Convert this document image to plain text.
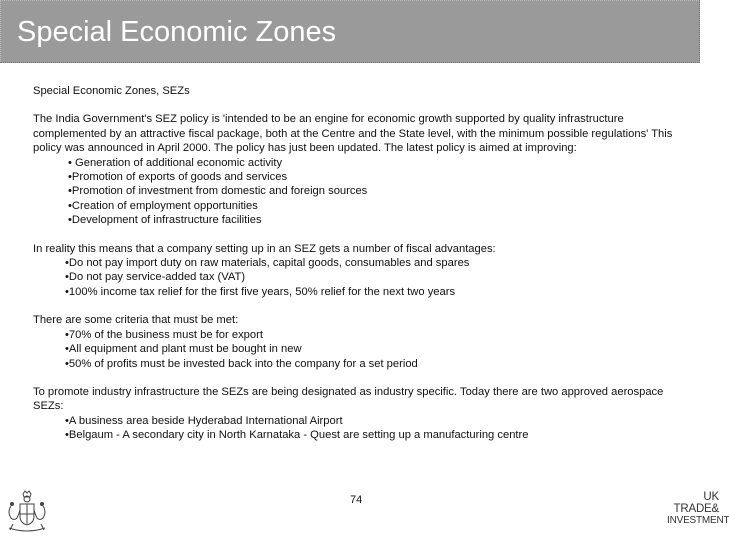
Special Economic Zones

Special Economic Zones, SEZs

The India Government's SEZ policy is 'intended to be an engine for economic growth supported by quality infrastructure complemented by an attractive fiscal package, both at the Centre and the State level, with the minimum possible regulations' This policy was announced in April 2000. The policy has just been updated. The latest policy is aimed at improving:

• Generation of additional economic activity
•Promotion of exports of goods and services
•Promotion of investment from domestic and foreign sources
•Creation of employment opportunities
•Development of infrastructure facilities

In reality this means that a company setting up in an SEZ gets a number of fiscal advantages:

•Do not pay import duty on raw materials, capital goods, consumables and spares
•Do not pay service-added tax (VAT)
•100% income tax relief for the first five years, 50% relief for the next two years

There are some criteria that must be met:

•70% of the business must be for export
•All equipment and plant must be bought in new
•50% of profits must be invested back into the company for a set period

To promote industry infrastructure the SEZs are being designated as industry specific. Today there are two approved aerospace SEZs:

•A business area beside Hyderabad International Airport
•Belgaum - A secondary city in North Karnataka - Quest are setting up a manufacturing centre
74	UK
TRADE&
INVESTMENT
